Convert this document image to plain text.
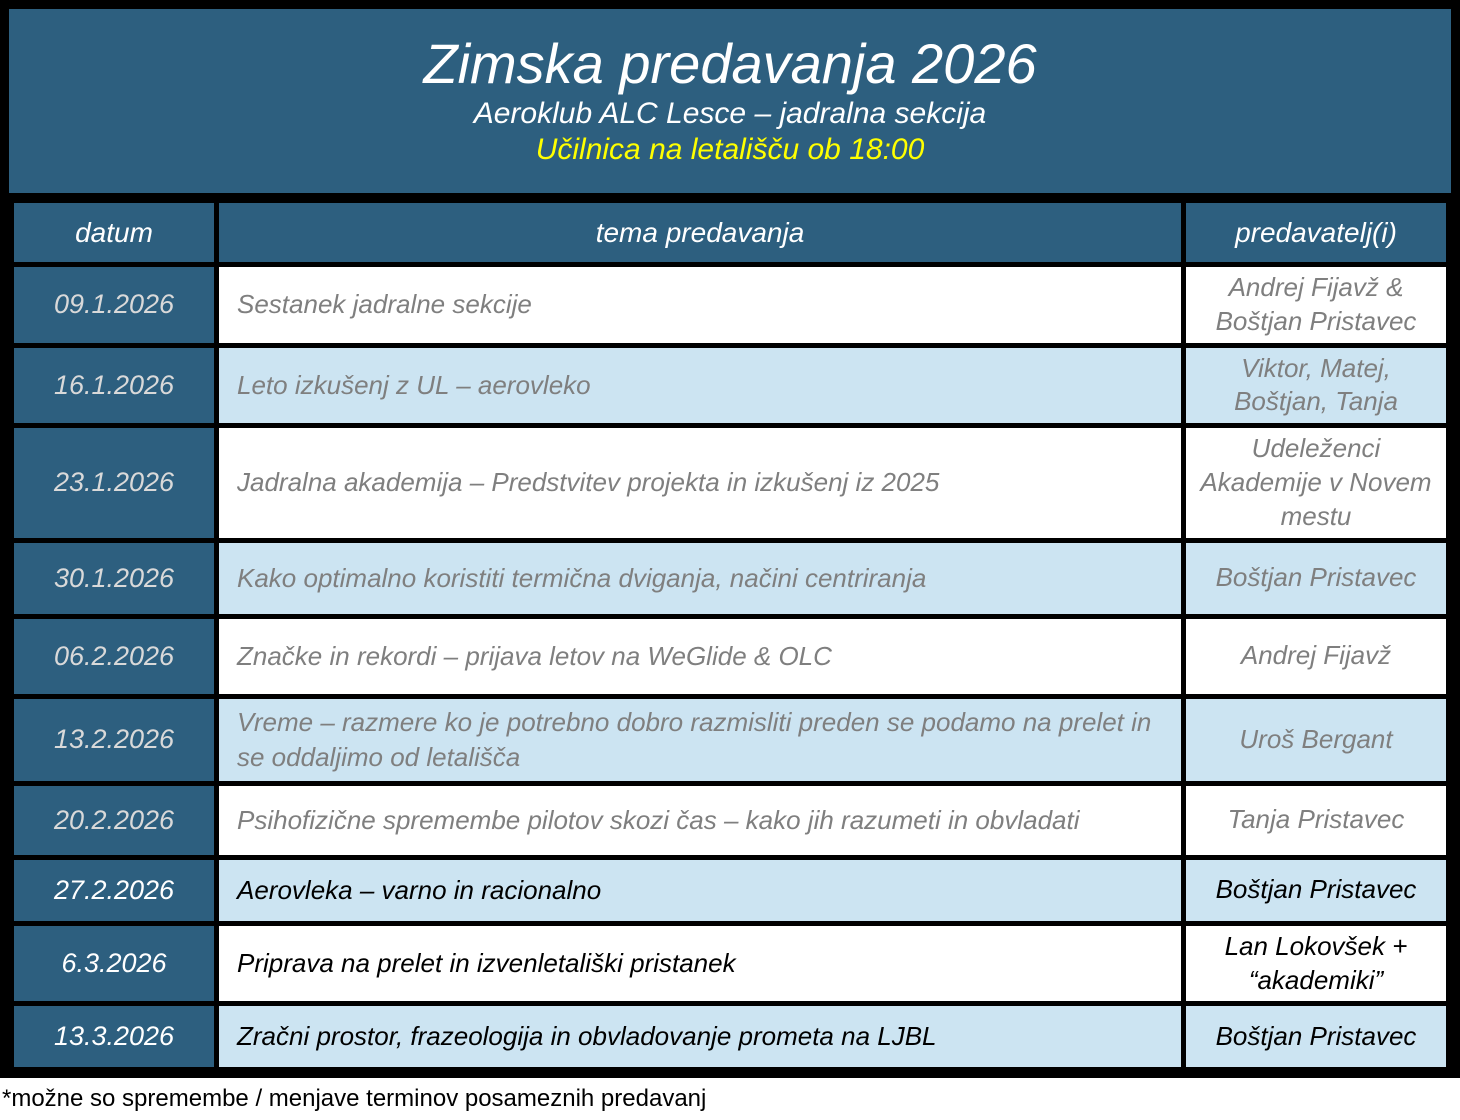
Zimska predavanja 2026
Aeroklub ALC Lesce – jadralna sekcija
Učilnica na letališču ob 18:00
datum	tema predavanja	predavatelj(i)
09.1.2026	Sestanek jadralne sekcije	Andrej Fijavž & Boštjan Pristavec
16.1.2026	Leto izkušenj z UL – aerovleko	Viktor, Matej, Boštjan, Tanja
23.1.2026	Jadralna akademija – Predstvitev projekta in izkušenj iz 2025	Udeleženci Akademije v Novem mestu
30.1.2026	Kako optimalno koristiti termična dviganja, načini centriranja	Boštjan Pristavec
06.2.2026	Značke in rekordi – prijava letov na WeGlide & OLC	Andrej Fijavž
13.2.2026	Vreme – razmere ko je potrebno dobro razmisliti preden se podamo na prelet in se oddaljimo od letališča	Uroš Bergant
20.2.2026	Psihofizične spremembe pilotov skozi čas – kako jih razumeti in obvladati	Tanja Pristavec
27.2.2026	Aerovleka – varno in racionalno	Boštjan Pristavec
6.3.2026	Priprava na prelet in izvenletališki pristanek	Lan Lokovšek + “akademiki”
13.3.2026	Zračni prostor, frazeologija in obvladovanje prometa na LJBL	Boštjan Pristavec
*možne so spremembe / menjave terminov posameznih predavanj
